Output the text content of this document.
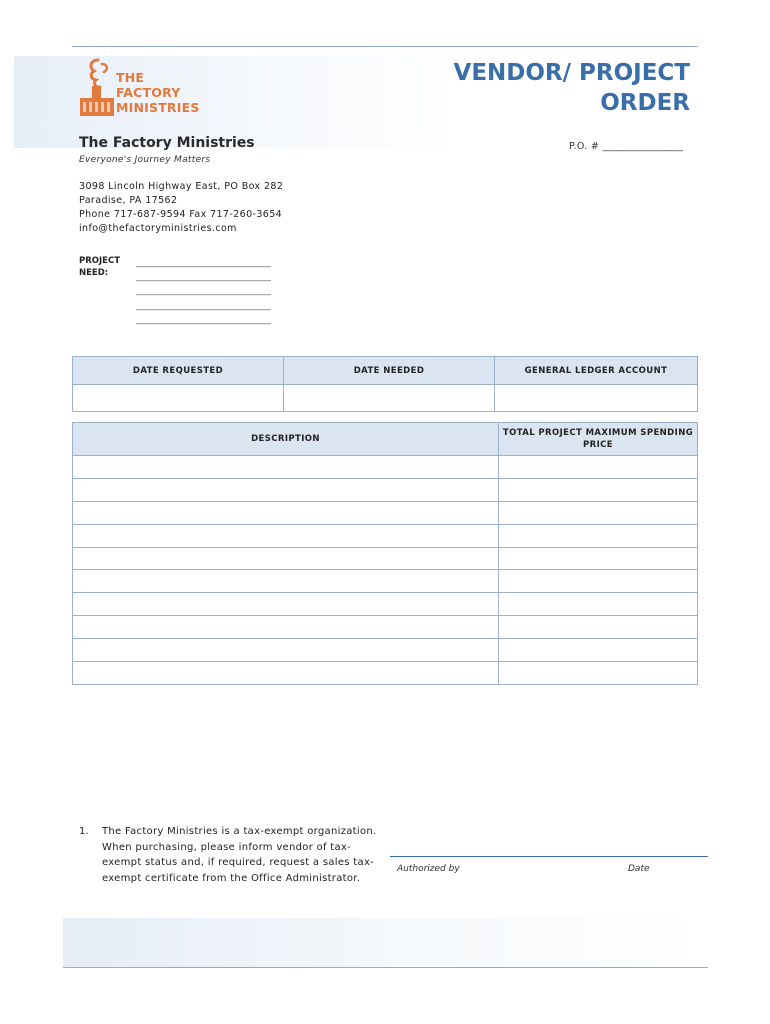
THE
FACTORY
MINISTRIES
VENDOR/ PROJECT
ORDER
The Factory Ministries	P.O. # ________________
Everyone's Journey Matters
3098 Lincoln Highway East, PO Box 282
Paradise, PA 17562
Phone 717-687-9594 Fax 717-260-3654
info@thefactoryministries.com
PROJECT
NEED:
______________________________
______________________________
______________________________
______________________________
______________________________
DATE REQUESTED	DATE NEEDED	GENERAL LEDGER ACCOUNT

DESCRIPTION	TOTAL PROJECT MAXIMUM SPENDING PRICE

1. The Factory Ministries is a tax-exempt organization. When purchasing, please inform vendor of tax-exempt status and, if required, request a sales tax-exempt certificate from the Office Administrator.
Authorized by	Date
